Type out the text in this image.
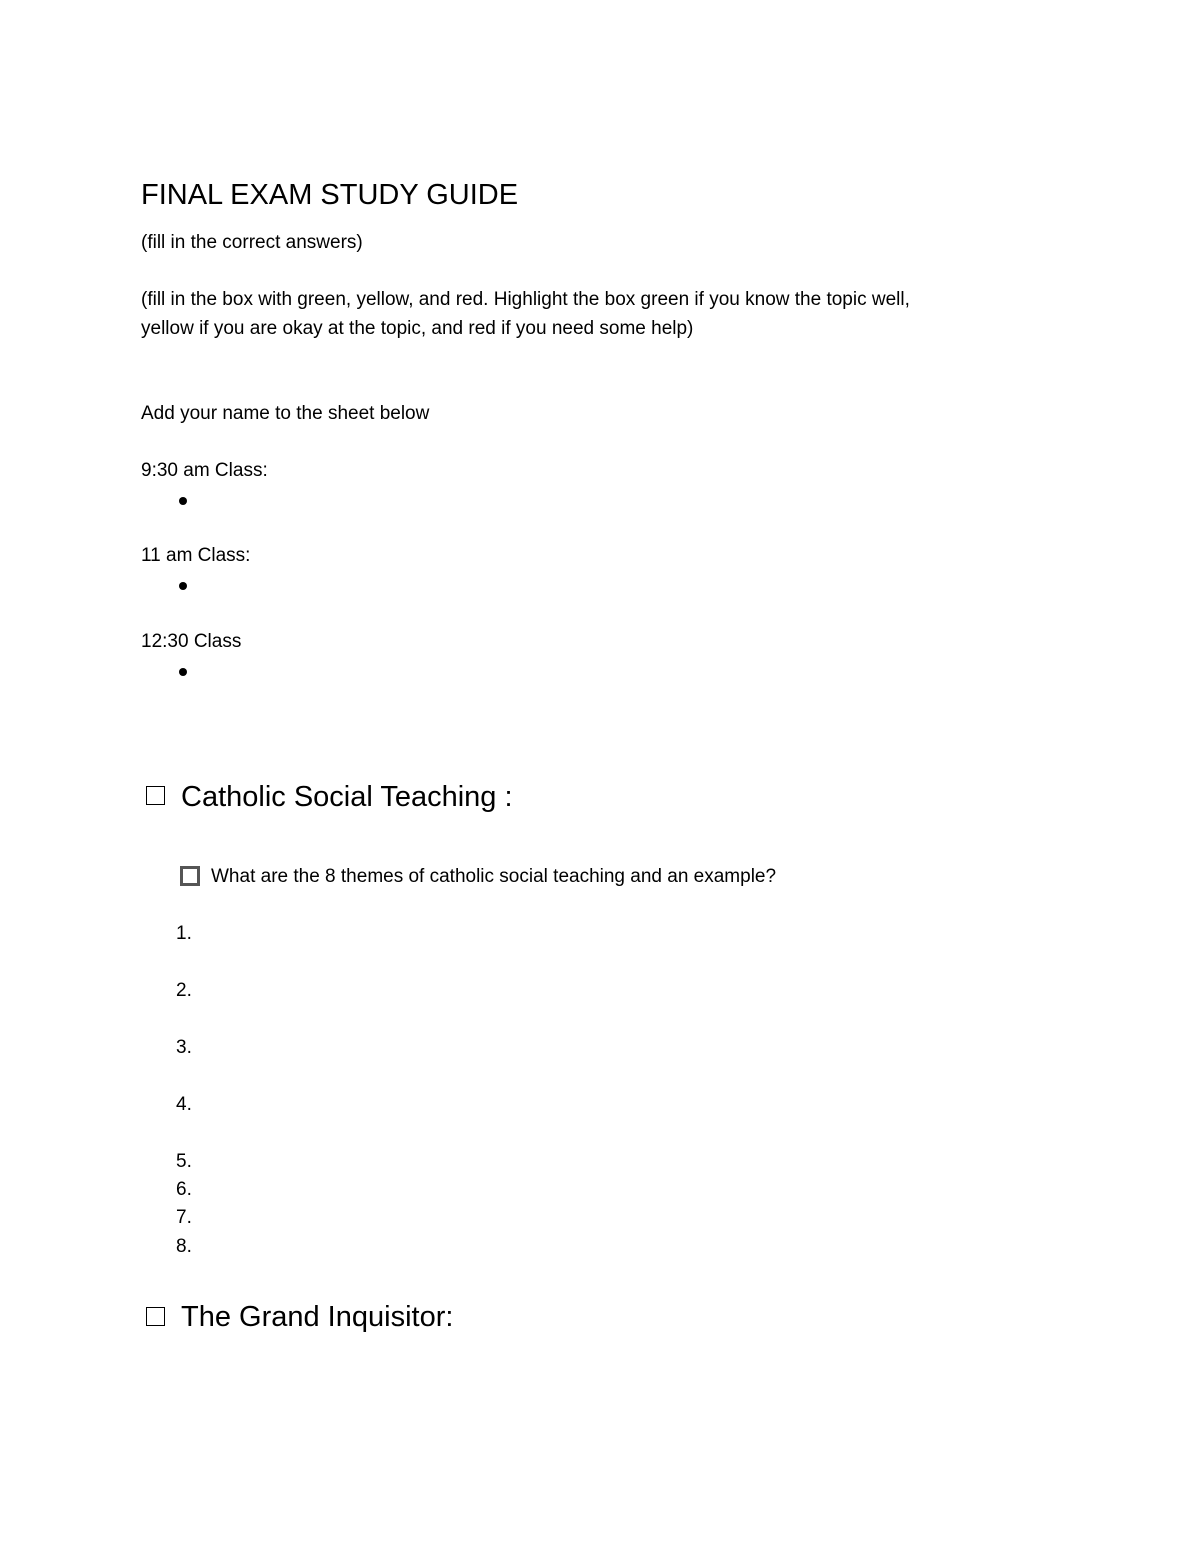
FINAL EXAM STUDY GUIDE
(fill in the correct answers)
(fill in the box with green, yellow, and red. Highlight the box green if you know the topic well,
yellow if you are okay at the topic, and red if you need some help)
Add your name to the sheet below
9:30 am Class:
11 am Class:
12:30 Class
Catholic Social Teaching :
What are the 8 themes of catholic social teaching and an example?
1.
2.
3.
4.
5.
6.
7.
8.
The Grand Inquisitor:
